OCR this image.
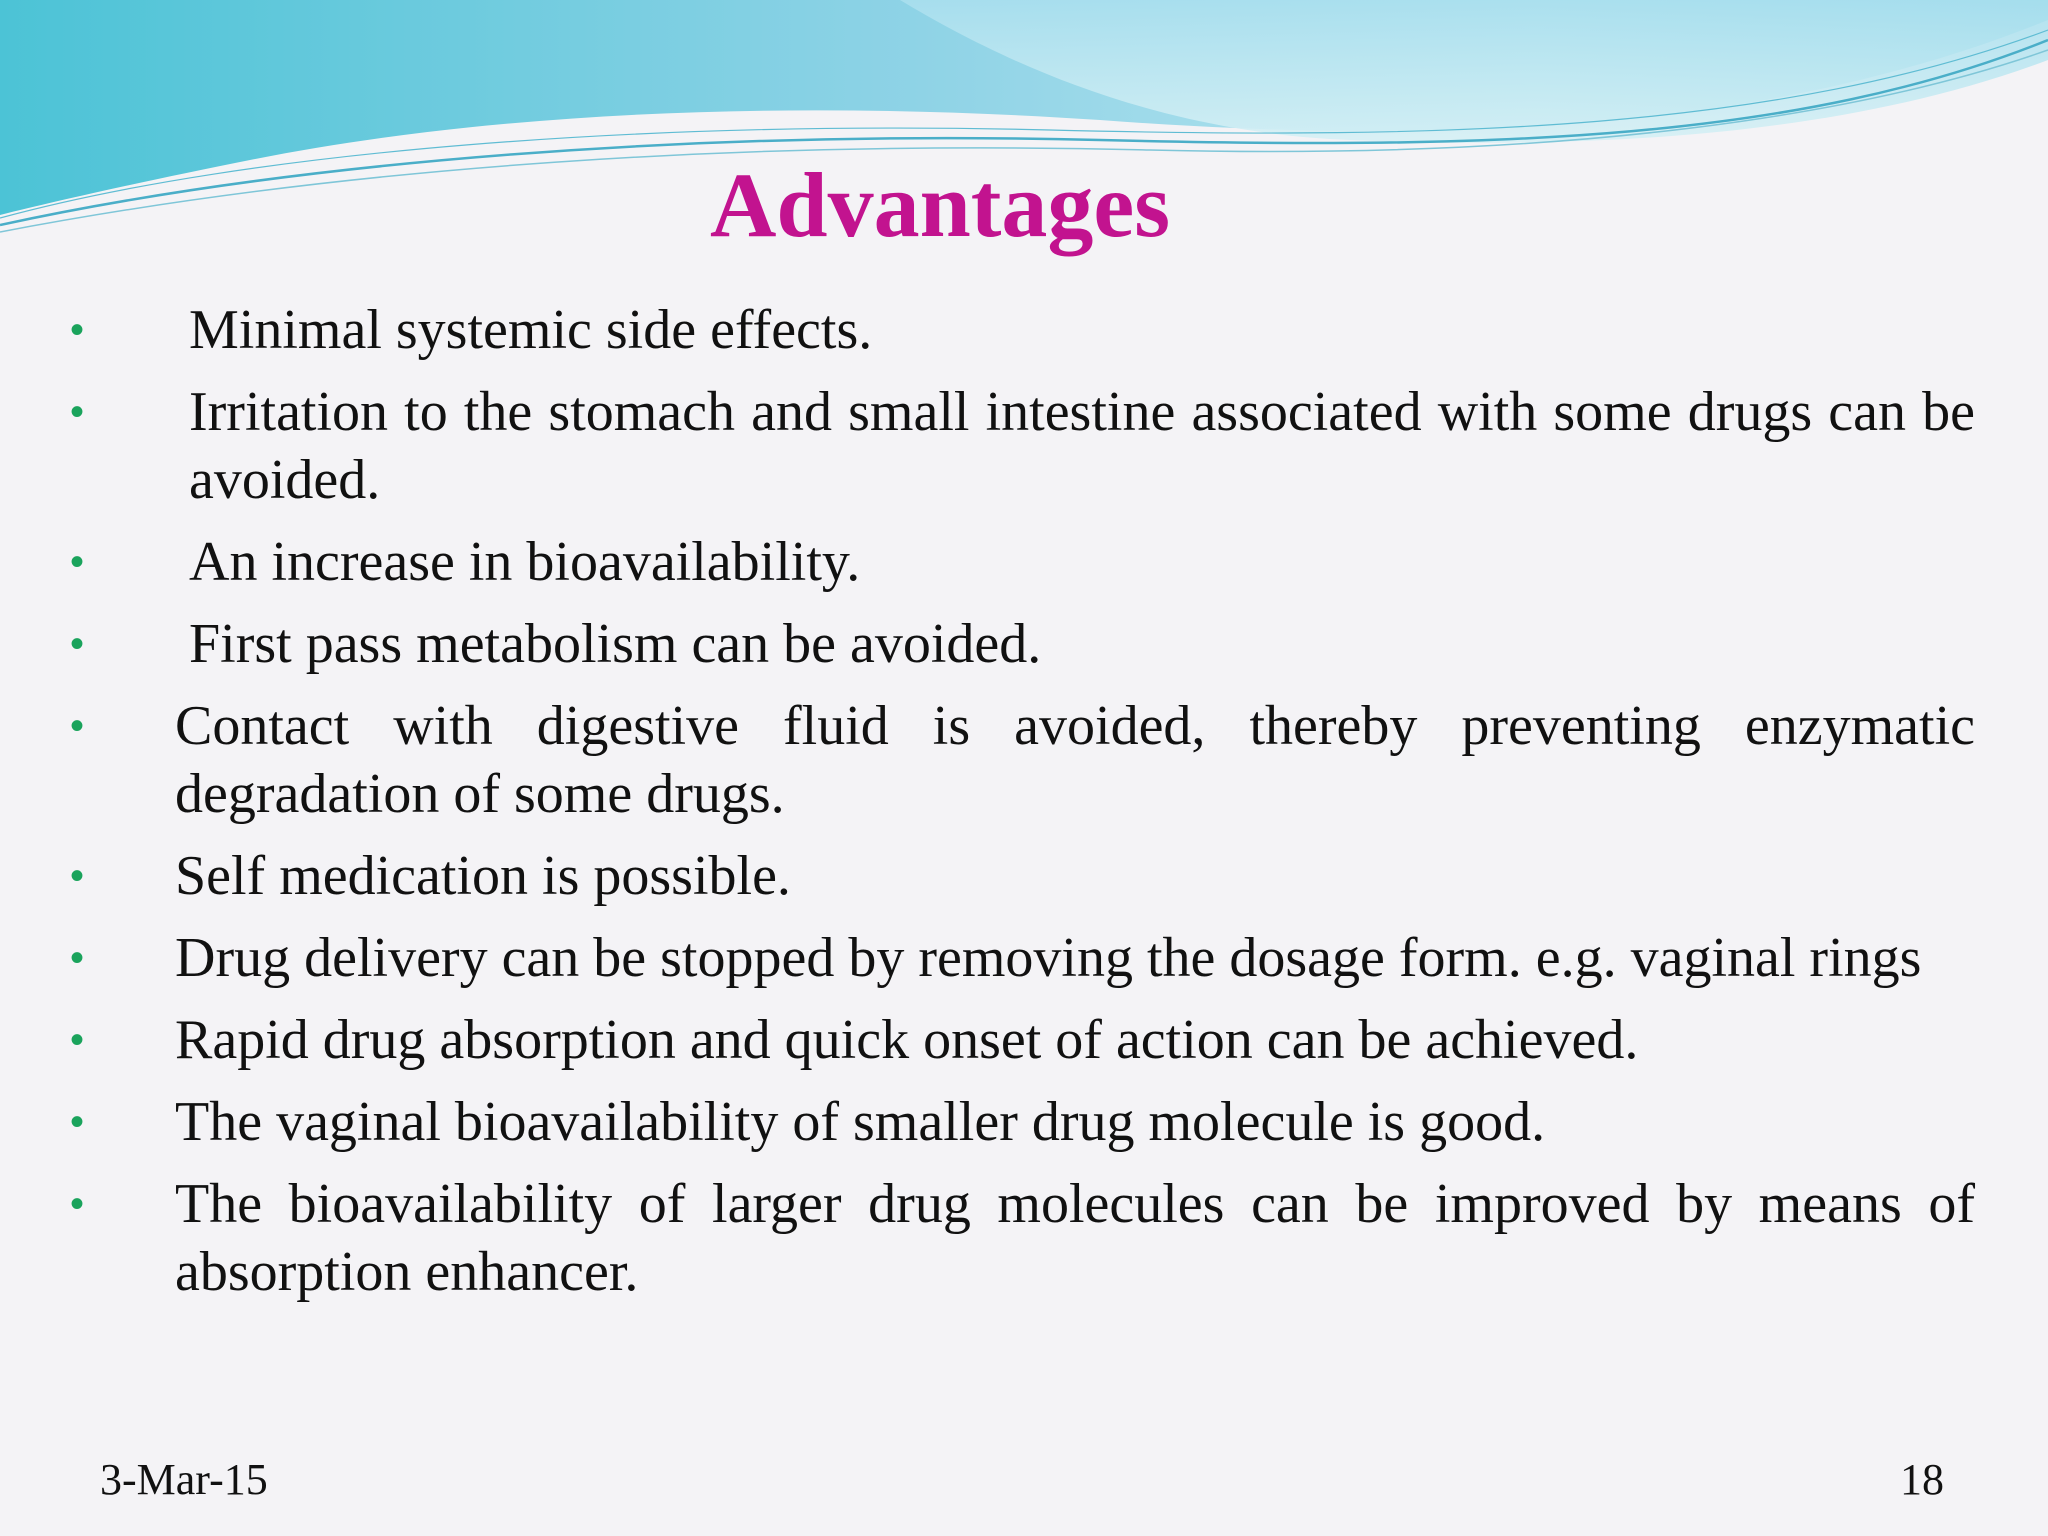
Advantages
• Minimal systemic side effects.
• Irritation to the stomach and small intestine associated with some drugs can be avoided.
• An increase in bioavailability.
• First pass metabolism can be avoided.
• Contact with digestive fluid is avoided, thereby preventing enzymatic degradation of some drugs.
• Self medication is possible.
• Drug delivery can be stopped by removing the dosage form. e.g. vaginal rings
• Rapid drug absorption and quick onset of action can be achieved.
• The vaginal bioavailability of smaller drug molecule is good.
• The bioavailability of larger drug molecules can be improved by means of absorption enhancer.
3-Mar-15	18
